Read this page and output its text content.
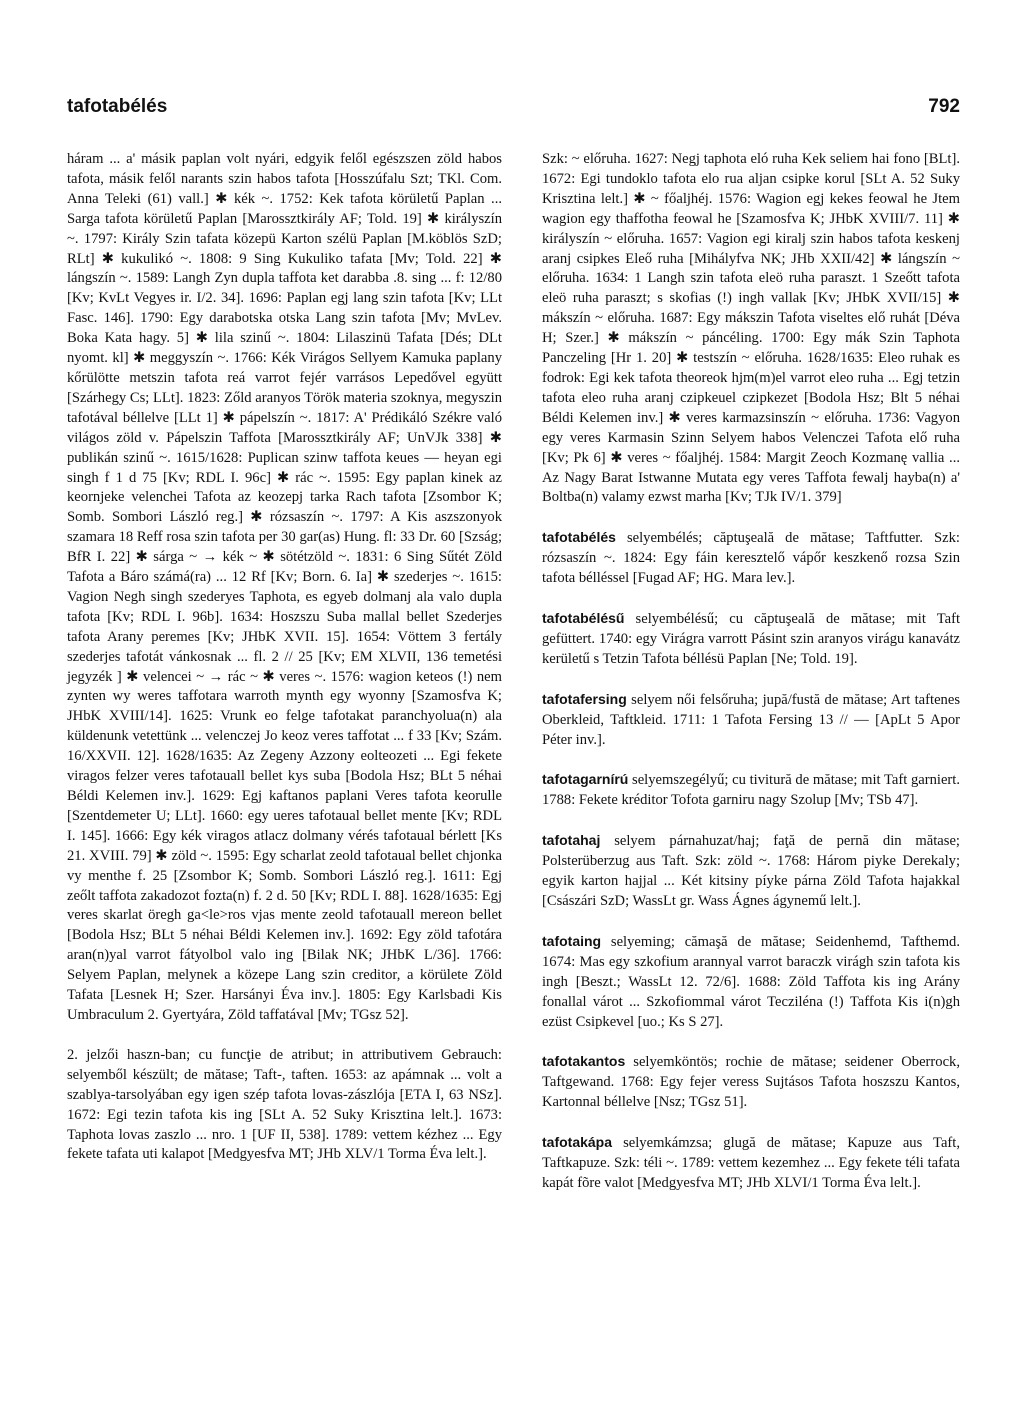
tafotabélés	792

háram ... a' másik paplan volt nyári, edgyik felől egészszen zöld habos tafota, másik felől narants szin habos tafota [Hosszúfalu Szt; TKl. Com. Anna Teleki (61) vall.] ✱ kék ~. 1752: Kek tafota körületű Paplan ... Sarga tafota körületű Paplan [Marossztkirály AF; Told. 19] ✱ királyszín ~. 1797: Király Szin tafata közepü Karton szélü Paplan [M.köblös SzD; RLt] ✱ kukulikó ~. 1808: 9 Sing Kukuliko tafata [Mv; Told. 22] ✱ lángszín ~. 1589: Langh Zyn dupla taffota ket darabba .8. sing ... f: 12/80 [Kv; KvLt Vegyes ir. I/2. 34]. 1696: Paplan egj lang szin tafota [Kv; LLt Fasc. 146]. 1790: Egy darabotska otska Lang szin tafota [Mv; MvLev. Boka Kata hagy. 5] ✱ lila szinű ~. 1804: Lilaszinü Tafata [Dés; DLt nyomt. kl] ✱ meggyszín ~. 1766: Kék Virágos Sellyem Kamuka paplany kőrülötte metszin tafota reá varrot fejér varrásos Lepedővel együtt [Szárhegy Cs; LLt]. 1823: Zőld aranyos Török materia szoknya, megyszin tafotával béllelve [LLt 1] ✱ pápelszín ~. 1817: A' Prédikáló Székre való világos zöld v. Pápelszin Taffota [Marossztkirály AF; UnVJk 338] ✱ publikán szinű ~. 1615/1628: Puplican szinw taffota keues — heyan egi singh f 1 d 75 [Kv; RDL I. 96c] ✱ rác ~. 1595: Egy paplan kinek az keornjeke velenchei Tafota az keozepj tarka Rach tafota [Zsombor K; Somb. Sombori László reg.] ✱ rózsaszín ~. 1797: A Kis aszszonyok szamara 18 Reff rosa szin tafota per 30 gar(as) Hung. fl: 33 Dr. 60 [Szság; BfR I. 22] ✱ sárga ~ → kék ~ ✱ sötétzöld ~. 1831: 6 Sing Sűtét Zöld Tafota a Báro számá(ra) ... 12 Rf [Kv; Born. 6. Ia] ✱ szederjes ~. 1615: Vagion Negh singh szederyes Taphota, es egyeb dolmanj ala valo dupla tafota [Kv; RDL I. 96b]. 1634: Hoszszu Suba mallal bellet Szederjes tafota Arany peremes [Kv; JHbK XVII. 15]. 1654: Vöttem 3 fertály szederjes tafotát vánkosnak ... fl. 2 // 25 [Kv; EM XLVII, 136 temetési jegyzék ] ✱ velencei ~ → rác ~ ✱ veres ~. 1576: wagion keteos (!) nem zynten wy weres taffotara warroth mynth egy wyonny [Szamosfva K; JHbK XVIII/14]. 1625: Vrunk eo felge tafotakat paranchyolua(n) ala küldenunk vetettünk ... velenczej Jo keoz veres taffotat ... f 33 [Kv; Szám. 16/XXVII. 12]. 1628/1635: Az Zegeny Azzony eolteozeti ... Egi fekete viragos felzer veres tafotauall bellet kys suba [Bodola Hsz; BLt 5 néhai Béldi Kelemen inv.]. 1629: Egj kaftanos paplani Veres tafota keorulle [Szentdemeter U; LLt]. 1660: egy ueres tafotaual bellet mente [Kv; RDL I. 145]. 1666: Egy kék viragos atlacz dolmany vérés tafotaual bérlett [Ks 21. XVIII. 79] ✱ zöld ~. 1595: Egy scharlat zeold tafotaual bellet chjonka vy menthe f. 25 [Zsombor K; Somb. Sombori László reg.]. 1611: Egj zeőlt taffota zakadozot fozta(n) f. 2 d. 50 [Kv; RDL I. 88]. 1628/1635: Egj veres skarlat öregh ga<le>ros vjas mente zeold tafotauall mereon bellet [Bodola Hsz; BLt 5 néhai Béldi Kelemen inv.]. 1692: Egy zöld tafotára aran(n)yal varrot fátyolbol valo ing [Bilak NK; JHbK L/36]. 1766: Selyem Paplan, melynek a közepe Lang szin creditor, a körülete Zöld Tafata [Lesnek H; Szer. Harsányi Éva inv.]. 1805: Egy Karlsbadi Kis Umbraculum 2. Gyertyára, Zöld taffatával [Mv; TGsz 52].

2. jelzői haszn-ban; cu funcţie de atribut; in attributivem Gebrauch: selyemből készült; de mătase; Taft-, taften. 1653: az apámnak ... volt a szablya-tarsolyában egy igen szép tafota lovas-zászlója [ETA I, 63 NSz]. 1672: Egi tezin tafota kis ing [SLt A. 52 Suky Krisztina lelt.]. 1673: Taphota lovas zaszlo ... nro. 1 [UF II, 538]. 1789: vettem kézhez ... Egy fekete tafata uti kalapot [Medgyesfva MT; JHb XLV/1 Torma Éva lelt.].

Szk: ~ előruha. 1627: Negj taphota eló ruha Kek seliem hai fono [BLt]. 1672: Egi tundoklo tafota elo rua aljan csipke korul [SLt A. 52 Suky Krisztina lelt.] ✱ ~ főaljhéj. 1576: Wagion egj kekes feowal he Jtem wagion egy thaffotha feowal he [Szamosfva K; JHbK XVIII/7. 11] ✱ királyszín ~ előruha. 1657: Vagion egi kiralj szin habos tafota keskenj aranj csipkes Eleő ruha [Mihályfva NK; JHb XXII/42] ✱ lángszín ~ előruha. 1634: 1 Langh szin tafota eleö ruha paraszt. 1 Szeőtt tafota eleö ruha paraszt; s skofias (!) ingh vallak [Kv; JHbK XVII/15] ✱ mákszín ~ előruha. 1687: Egy mákszin Tafota viseltes elő ruhát [Déva H; Szer.] ✱ mákszín ~ páncéling. 1700: Egy mák Szin Taphota Panczeling [Hr 1. 20] ✱ testszín ~ előruha. 1628/1635: Eleo ruhak es fodrok: Egi kek tafota theoreok hjm(m)el varrot eleo ruha ... Egj tetzin tafota eleo ruha aranj czipkeuel czipkezet [Bodola Hsz; Blt 5 néhai Béldi Kelemen inv.] ✱ veres karmazsinszín ~ előruha. 1736: Vagyon egy veres Karmasin Szinn Selyem habos Velenczei Tafota elő ruha [Kv; Pk 6] ✱ veres ~ főaljhéj. 1584: Margit Zeoch Kozmanę vallia ... Az Nagy Barat Istwanne Mutata egy veres Taffota fewalj hayba(n) a' Boltba(n) valamy ezwst marha [Kv; TJk IV/1. 379]

tafotabélés selyembélés; căptuşeală de mătase; Taftfutter. Szk: rózsaszín ~. 1824: Egy fáin keresztelő vápőr keszkenő rozsa Szin tafota bélléssel [Fugad AF; HG. Mara lev.].

tafotabélésű selyembélésű; cu căptuşeală de mătase; mit Taft gefüttert. 1740: egy Virágra varrott Pásint szin aranyos virágu kanavátz kerületű s Tetzin Tafota béllésü Paplan [Ne; Told. 19].

tafotafersing selyem női felsőruha; jupă/fustă de mătase; Art taftenes Oberkleid, Taftkleid. 1711: 1 Tafota Fersing 13 // — [ApLt 5 Apor Péter inv.].

tafotagarnírú selyemszegélyű; cu tivitură de mătase; mit Taft garniert. 1788: Fekete kréditor Tofota garniru nagy Szolup [Mv; TSb 47].

tafotahaj selyem párnahuzat/haj; faţă de pernă din mătase; Polsterüberzug aus Taft. Szk: zöld ~. 1768: Három piyke Derekaly; egyik karton hajjal ... Két kitsiny píyke párna Zöld Tafota hajakkal [Császári SzD; WassLt gr. Wass Ágnes ágynemű lelt.].

tafotaing selyeming; cămaşă de mătase; Seidenhemd, Tafthemd. 1674: Mas egy szkofium arannyal varrot baraczk virágh szin tafota kis ingh [Beszt.; WassLt 12. 72/6]. 1688: Zöld Taffota kis ing Arány fonallal várot ... Szkofiommal várot Teczilénа (!) Taffota Kis i(n)gh ezüst Csipkevel [uo.; Ks S 27].

tafotakantos selyemköntös; rochie de mătase; seidener Oberrock, Taftgewand. 1768: Egy fejer veress Sujtásos Tafota hoszszu Kantos, Kartonnal béllelve [Nsz; TGsz 51].

tafotakápa selyemkámzsa; glugă de mătase; Kapuze aus Taft, Taftkapuze. Szk: téli ~. 1789: vettem kezemhez ... Egy fekete téli tafata kapát fõre valot [Medgyesfva MT; JHb XLVI/1 Torma Éva lelt.].
